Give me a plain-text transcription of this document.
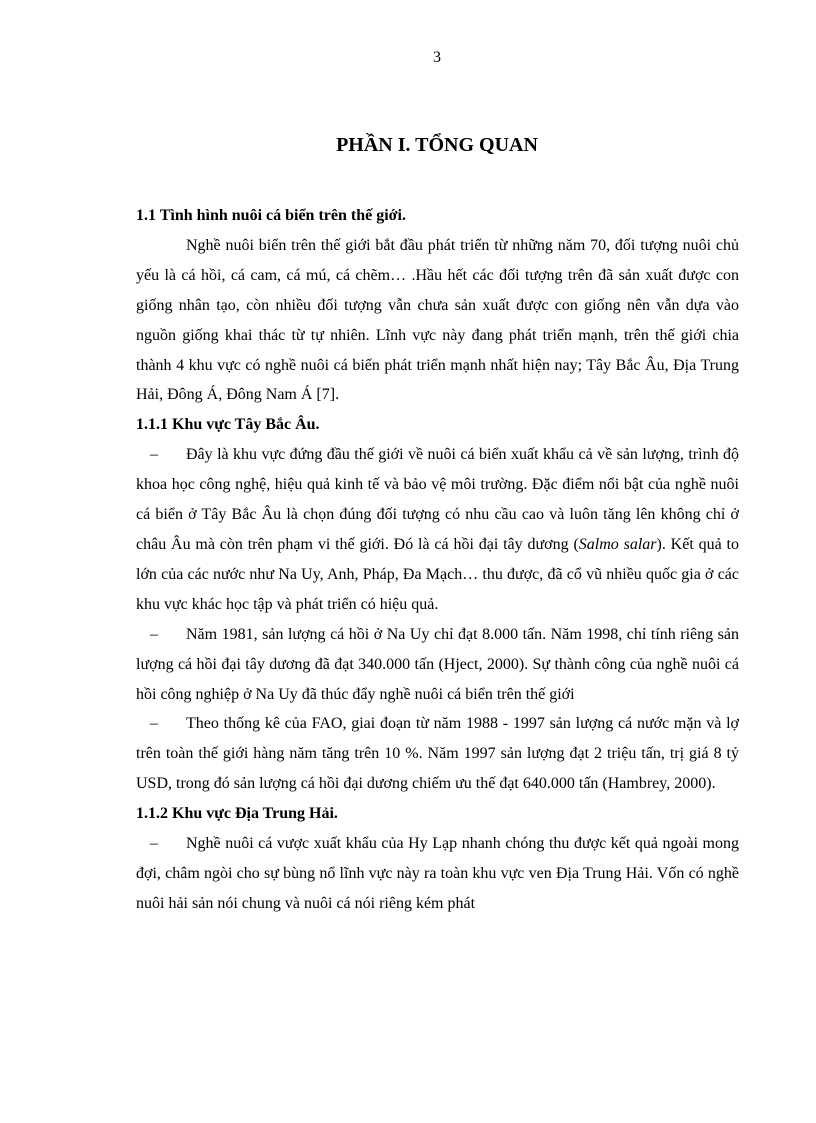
3
PHẦN I. TỔNG QUAN

1.1 Tình hình nuôi cá biển trên thế giới.

Nghề nuôi biển trên thế giới bắt đầu phát triển từ những năm 70, đối tượng nuôi chủ yếu là cá hồi, cá cam, cá mú, cá chẽm… .Hầu hết các đối tượng trên đã sản xuất được con giống nhân tạo, còn nhiều đối tượng vẫn chưa sản xuất được con giống nên vẫn dựa vào nguồn giống khai thác từ tự nhiên. Lĩnh vực này đang phát triển mạnh, trên thế giới chia thành 4 khu vực có nghề nuôi cá biển phát triển mạnh nhất hiện nay; Tây Bắc Âu, Địa Trung Hải, Đông Á, Đông Nam Á [7].

1.1.1 Khu vực Tây Bắc Âu.

– Đây là khu vực đứng đầu thế giới về nuôi cá biển xuất khẩu cả về sản lượng, trình độ khoa học công nghệ, hiệu quả kinh tế và bảo vệ môi trường. Đặc điểm nổi bật của nghề nuôi cá biển ở Tây Bắc Âu là chọn đúng đối tượng có nhu cầu cao và luôn tăng lên không chỉ ở châu Âu mà còn trên phạm vi thế giới. Đó là cá hồi đại tây dương (Salmo salar). Kết quả to lớn của các nước như Na Uy, Anh, Pháp, Đa Mạch… thu được, đã cổ vũ nhiều quốc gia ở các khu vực khác học tập và phát triển có hiệu quả.

– Năm 1981, sản lượng cá hồi ở Na Uy chỉ đạt 8.000 tấn. Năm 1998, chỉ tính riêng sản lượng cá hồi đại tây dương đã đạt 340.000 tấn (Hject, 2000). Sự thành công của nghề nuôi cá hồi công nghiệp ở Na Uy đã thúc đẩy nghề nuôi cá biển trên thế giới

– Theo thống kê của FAO, giai đoạn từ năm 1988 - 1997 sản lượng cá nước mặn và lợ trên toàn thế giới hàng năm tăng trên 10 %. Năm 1997 sản lượng đạt 2 triệu tấn, trị giá 8 tỷ USD, trong đó sản lượng cá hồi đại dương chiếm ưu thế đạt 640.000 tấn (Hambrey, 2000).

1.1.2 Khu vực Địa Trung Hải.

– Nghề nuôi cá vược xuất khẩu của Hy Lạp nhanh chóng thu được kết quả ngoài mong đợi, châm ngòi cho sự bùng nổ lĩnh vực này ra toàn khu vực ven Địa Trung Hải. Vốn có nghề nuôi hải sản nói chung và nuôi cá nói riêng kém phát
